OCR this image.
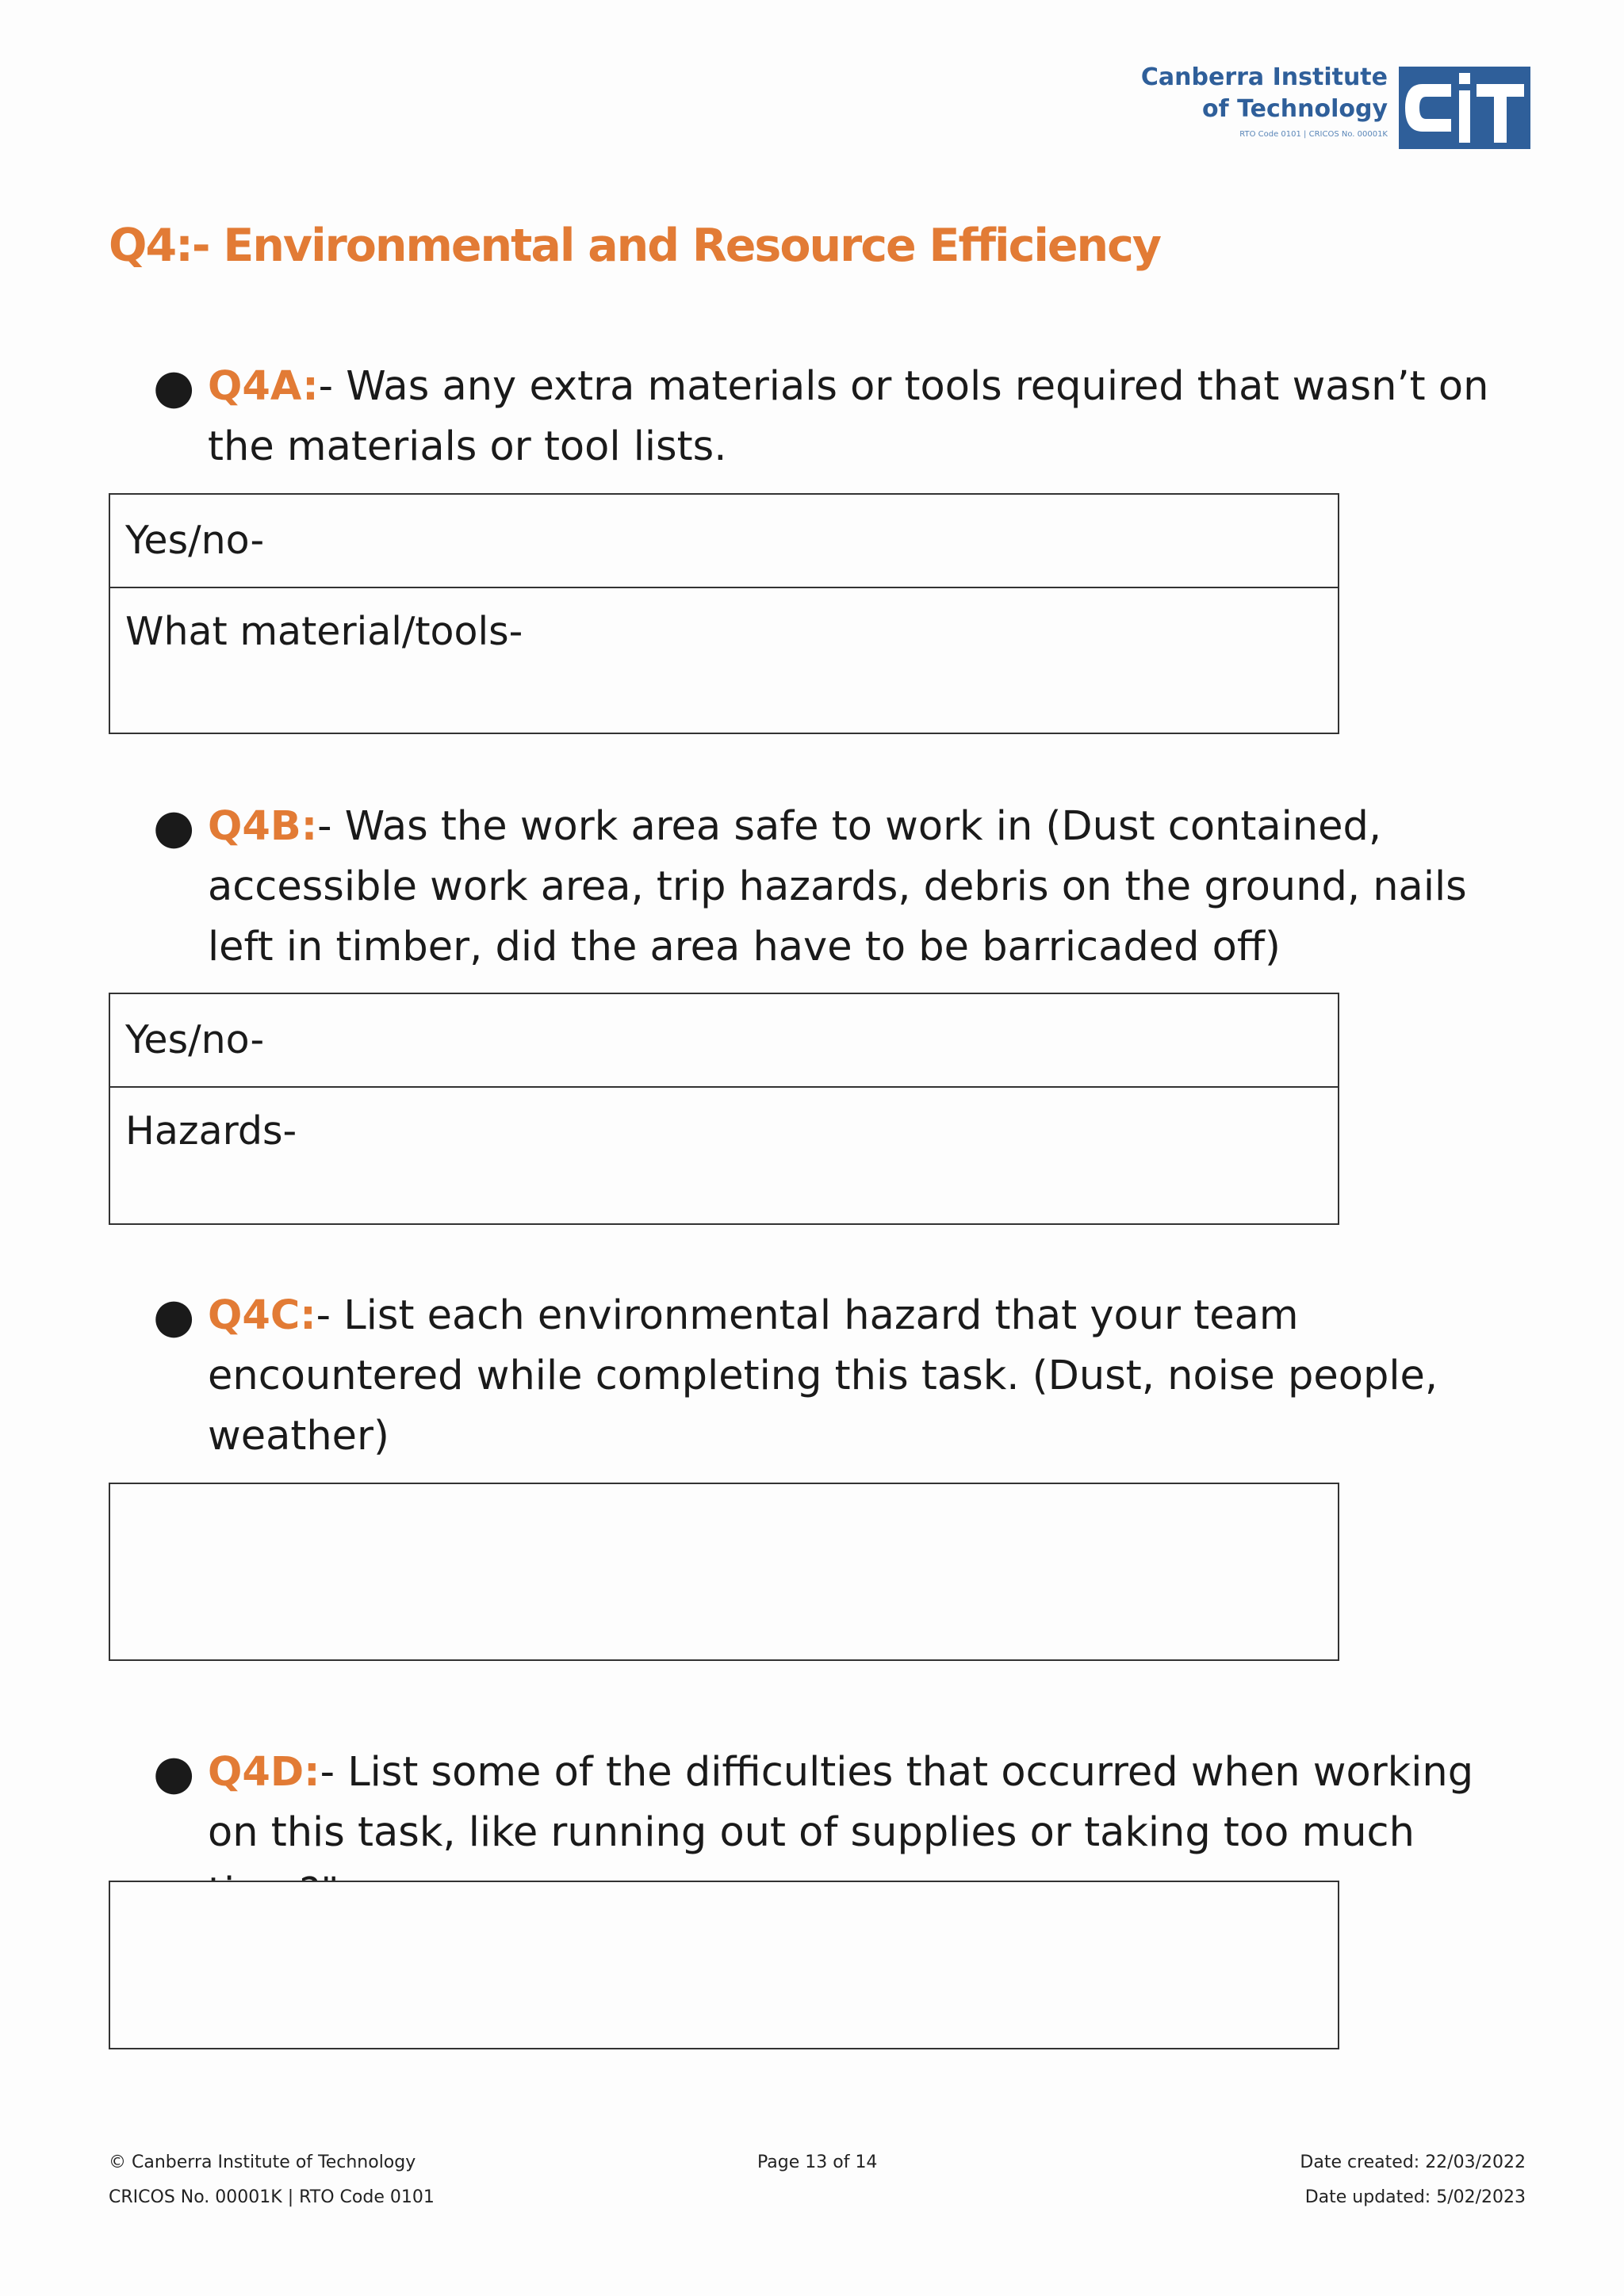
Canberra Institute
of Technology
RTO Code 0101 | CRICOS No. 00001K
Q4:- Environmental and Resource Efficiency
● Q4A:- Was any extra materials or tools required that wasn’t on the materials or tool lists.
Yes/no-
What material/tools-
● Q4B:- Was the work area safe to work in (Dust contained, accessible work area, trip hazards, debris on the ground, nails left in timber, did the area have to be barricaded off)
Yes/no-
Hazards-
● Q4C:- List each environmental hazard that your team encountered while completing this task. (Dust, noise people, weather)
● Q4D:- List some of the difficulties that occurred when working on this task, like running out of supplies or taking too much
© Canberra Institute of Technology
CRICOS No. 00001K | RTO Code 0101
Page 13 of 14	Date created: 22/03/2022
Date updated: 5/02/2023
